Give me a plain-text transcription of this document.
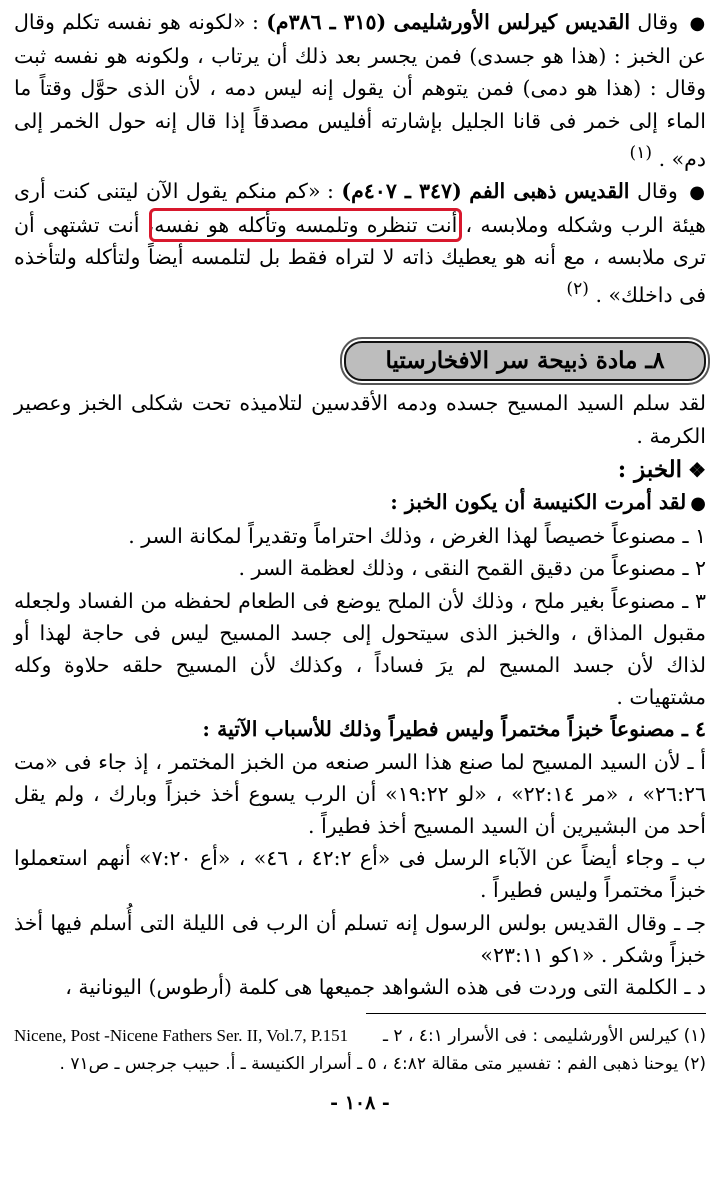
● وقال القديس كيرلس الأورشليمى (٣١٥ ـ ٣٨٦م) : «لكونه هو نفسه تكلم وقال عن الخبز : (هذا هو جسدى) فمن يجسر بعد ذلك أن يرتاب ، ولكونه هو نفسه ثبت وقال : (هذا هو دمى) فمن يتوهم أن يقول إنه ليس دمه ، لأن الذى حوَّل وقتاً ما الماء إلى خمر فى قانا الجليل بإشارته أفليس مصدقاً إذا قال إنه حول الخمر إلى دم» . $^{(١)}$

● وقال القديس ذهبى الفم (٣٤٧ ـ ٤٠٧م) : «كم منكم يقول الآن ليتنى كنت أرى هيئة الرب وشكله وملابسه ، أنت تنظره وتلمسه وتأكله هو نفسه، أنت تشتهى أن ترى ملابسه ، مع أنه هو يعطيك ذاته لا لتراه فقط بل لتلمسه أيضاً ولتأكله ولتأخذه فى داخلك» . $^{(٢)}$

٨ـ مادة ذبيحة سر الافخارستيا

لقد سلم السيد المسيح جسده ودمه الأقدسين لتلاميذه تحت شكلى الخبز وعصير الكرمة .

❖الخبز :

●لقد أمرت الكنيسة أن يكون الخبز :

١ ـ مصنوعاً خصيصاً لهذا الغرض ، وذلك احتراماً وتقديراً لمكانة السر .

٢ ـ مصنوعاً من دقيق القمح النقى ، وذلك لعظمة السر .

٣ ـ مصنوعاً بغير ملح ، وذلك لأن الملح يوضع فى الطعام لحفظه من الفساد ولجعله مقبول المذاق ، والخبز الذى سيتحول إلى جسد المسيح ليس فى حاجة لهذا أو لذاك لأن جسد المسيح لم يرَ فساداً ، وكذلك لأن المسيح حلقه حلاوة وكله مشتهيات .

٤ ـ مصنوعاً خبزاً مختمراً وليس فطيراً وذلك للأسباب الآتية :

أ ـ لأن السيد المسيح لما صنع هذا السر صنعه من الخبز المختمر ، إذ جاء فى «مت ٢٦:٢٦» ، «مر ٢٢:١٤» ، «لو ١٩:٢٢» أن الرب يسوع أخذ خبزاً وبارك ، ولم يقل أحد من البشيرين أن السيد المسيح أخذ فطيراً .

ب ـ وجاء أيضاً عن الآباء الرسل فى «أع ٤٢:٢ ، ٤٦» ، «أع ٧:٢٠» أنهم استعملوا خبزاً مختمراً وليس فطيراً .

جـ ـ وقال القديس بولس الرسول إنه تسلم أن الرب فى الليلة التى أُسلم فيها أخذ خبزاً وشكر . «١كو ٢٣:١١»

د ـ الكلمة التى وردت فى هذه الشواهد جميعها هى كلمة (أرطوس) اليونانية ،

(١) كيرلس الأورشليمى : فى الأسرار ٤:١ ، ٢ ـ
Nicene, Post -Nicene Fathers Ser. II, Vol.7, P.151
(٢) يوحنا ذهبى الفم : تفسير متى مقالة ٤:٨٢ ، ٥ ـ أسرار الكنيسة ـ أ. حبيب جرجس ـ ص٧١ .
- ١٠٨ -
